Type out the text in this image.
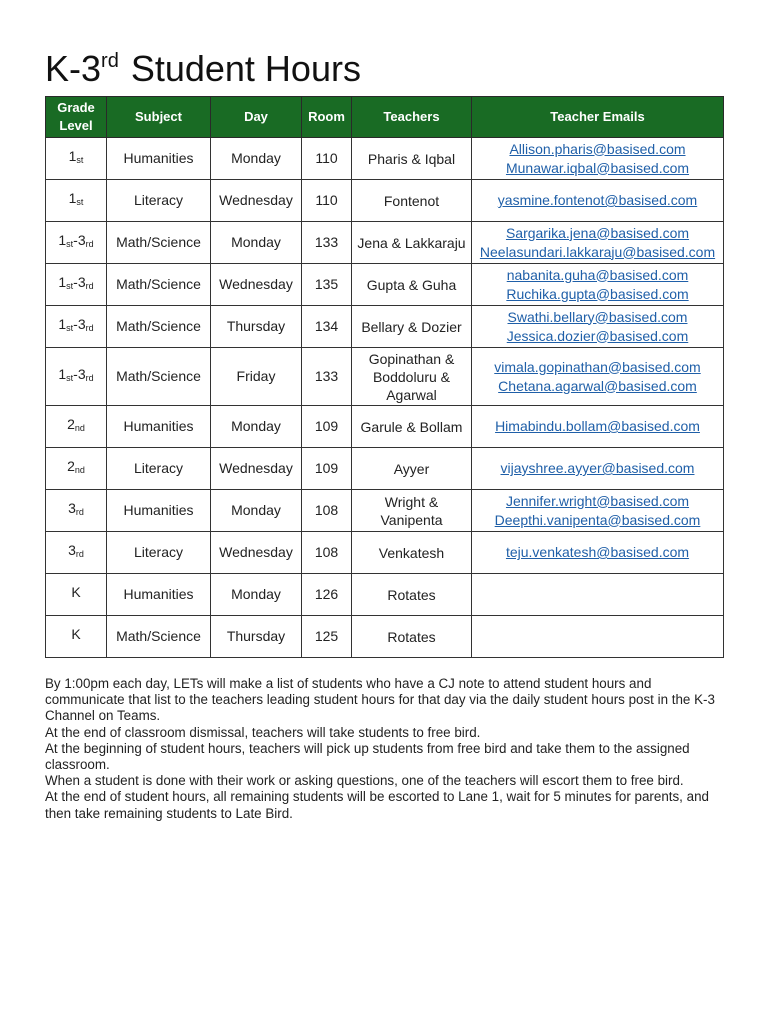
K-3rd Student Hours
Grade Level	Subject	Day	Room	Teachers	Teacher Emails
1st	Humanities	Monday	110	Pharis & Iqbal	Allison.pharis@basised.com
Munawar.iqbal@basised.com

1st	Literacy	Wednesday	110	Fontenot	yasmine.fontenot@basised.com

1st-3rd	Math/Science	Monday	133	Jena & Lakkaraju	Sargarika.jena@basised.com
Neelasundari.lakkaraju@basised.com

1st-3rd	Math/Science	Wednesday	135	Gupta & Guha	nabanita.guha@basised.com
Ruchika.gupta@basised.com

1st-3rd	Math/Science	Thursday	134	Bellary & Dozier	Swathi.bellary@basised.com
Jessica.dozier@basised.com

1st-3rd	Math/Science	Friday	133	Gopinathan & Boddoluru & Agarwal	vimala.gopinathan@basised.com
Chetana.agarwal@basised.com

2nd	Humanities	Monday	109	Garule & Bollam	Himabindu.bollam@basised.com

2nd	Literacy	Wednesday	109	Ayyer	vijayshree.ayyer@basised.com

3rd	Humanities	Monday	108	Wright & Vanipenta	Jennifer.wright@basised.com
Deepthi.vanipenta@basised.com

3rd	Literacy	Wednesday	108	Venkatesh	teju.venkatesh@basised.com

K	Humanities	Monday	126	Rotates	
K	Math/Science	Thursday	125	Rotates	

By 1:00pm each day, LETs will make a list of students who have a CJ note to attend student hours and communicate that list to the teachers leading student hours for that day via the daily student hours post in the K-3 Channel on Teams.

At the end of classroom dismissal, teachers will take students to free bird.

At the beginning of student hours, teachers will pick up students from free bird and take them to the assigned classroom.

When a student is done with their work or asking questions, one of the teachers will escort them to free bird.

At the end of student hours, all remaining students will be escorted to Lane 1, wait for 5 minutes for parents, and then take remaining students to Late Bird.
